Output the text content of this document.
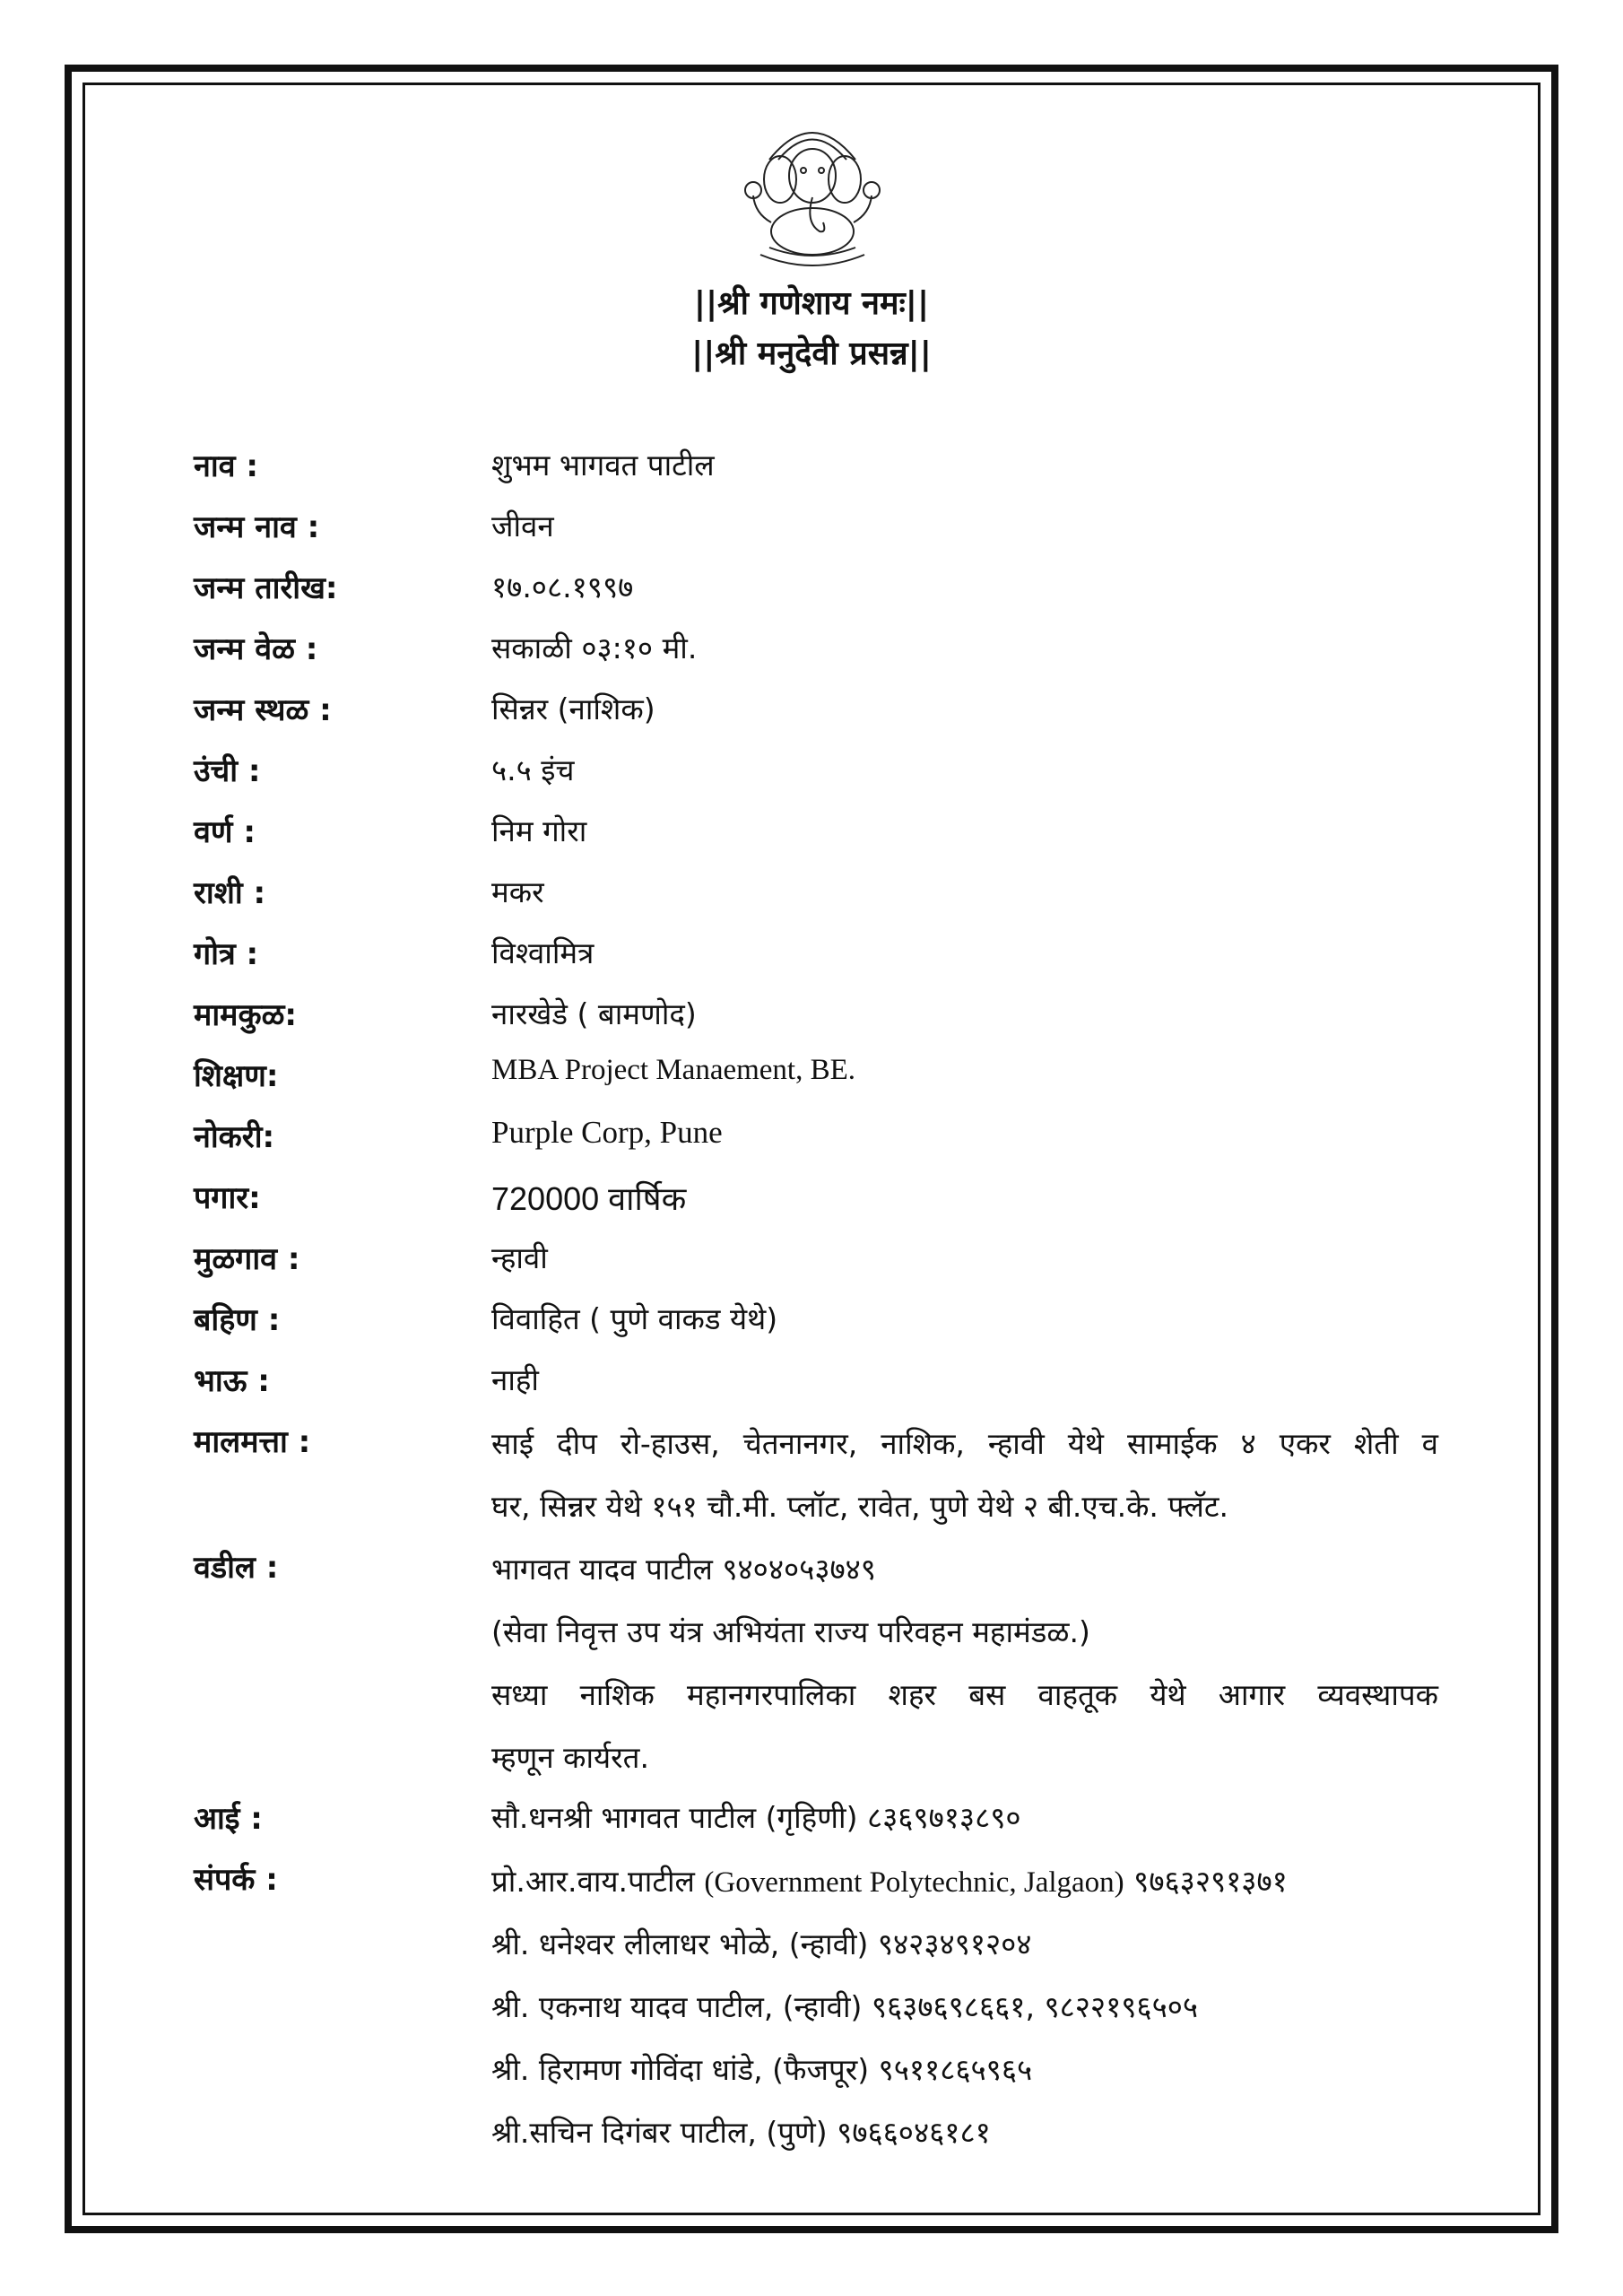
||श्री गणेशाय नमः||
||श्री मनुदेवी प्रसन्न||
नाव :	शुभम भागवत पाटील
जन्म नाव :	जीवन
जन्म तारीख:	१७.०८.१९९७
जन्म वेळ :	सकाळी ०३:१० मी.
जन्म स्थळ :	सिन्नर (नाशिक)
उंची :	५.५ इंच
वर्ण :	निम गोरा
राशी :	मकर
गोत्र :	विश्वामित्र
मामकुळ:	नारखेडे ( बामणोद)
शिक्षण:	MBA Project Manaement, BE.
नोकरी:	Purple Corp, Pune
पगार:	720000 वार्षिक
मुळगाव :	न्हावी
बहिण :	विवाहित ( पुणे वाकड येथे)
भाऊ :	नाही
मालमत्ता :	साई दीप रो-हाउस, चेतनानगर, नाशिक, न्हावी येथे सामाईक ४ एकर शेती व
घर, सिन्नर येथे १५१ चौ.मी. प्लॉट, रावेत, पुणे येथे २ बी.एच.के. फ्लॅट.
वडील :	भागवत यादव पाटील ९४०४०५३७४९
(सेवा निवृत्त उप यंत्र अभियंता राज्य परिवहन महामंडळ.)
सध्या नाशिक महानगरपालिका शहर बस वाहतूक येथे आगार व्यवस्थापक
म्हणून कार्यरत.
आई :	सौ.धनश्री भागवत पाटील (गृहिणी) ८३६९७१३८९०
संपर्क :	प्रो.आर.वाय.पाटील (Government Polytechnic, Jalgaon) ९७६३२९१३७१
श्री. धनेश्वर लीलाधर भोळे, (न्हावी) ९४२३४९१२०४
श्री. एकनाथ यादव पाटील, (न्हावी) ९६३७६९८६६१, ९८२२१९६५०५
श्री. हिरामण गोविंदा धांडे, (फैजपूर) ९५११८६५९६५
श्री.सचिन दिगंबर पाटील, (पुणे) ९७६६०४६१८१
